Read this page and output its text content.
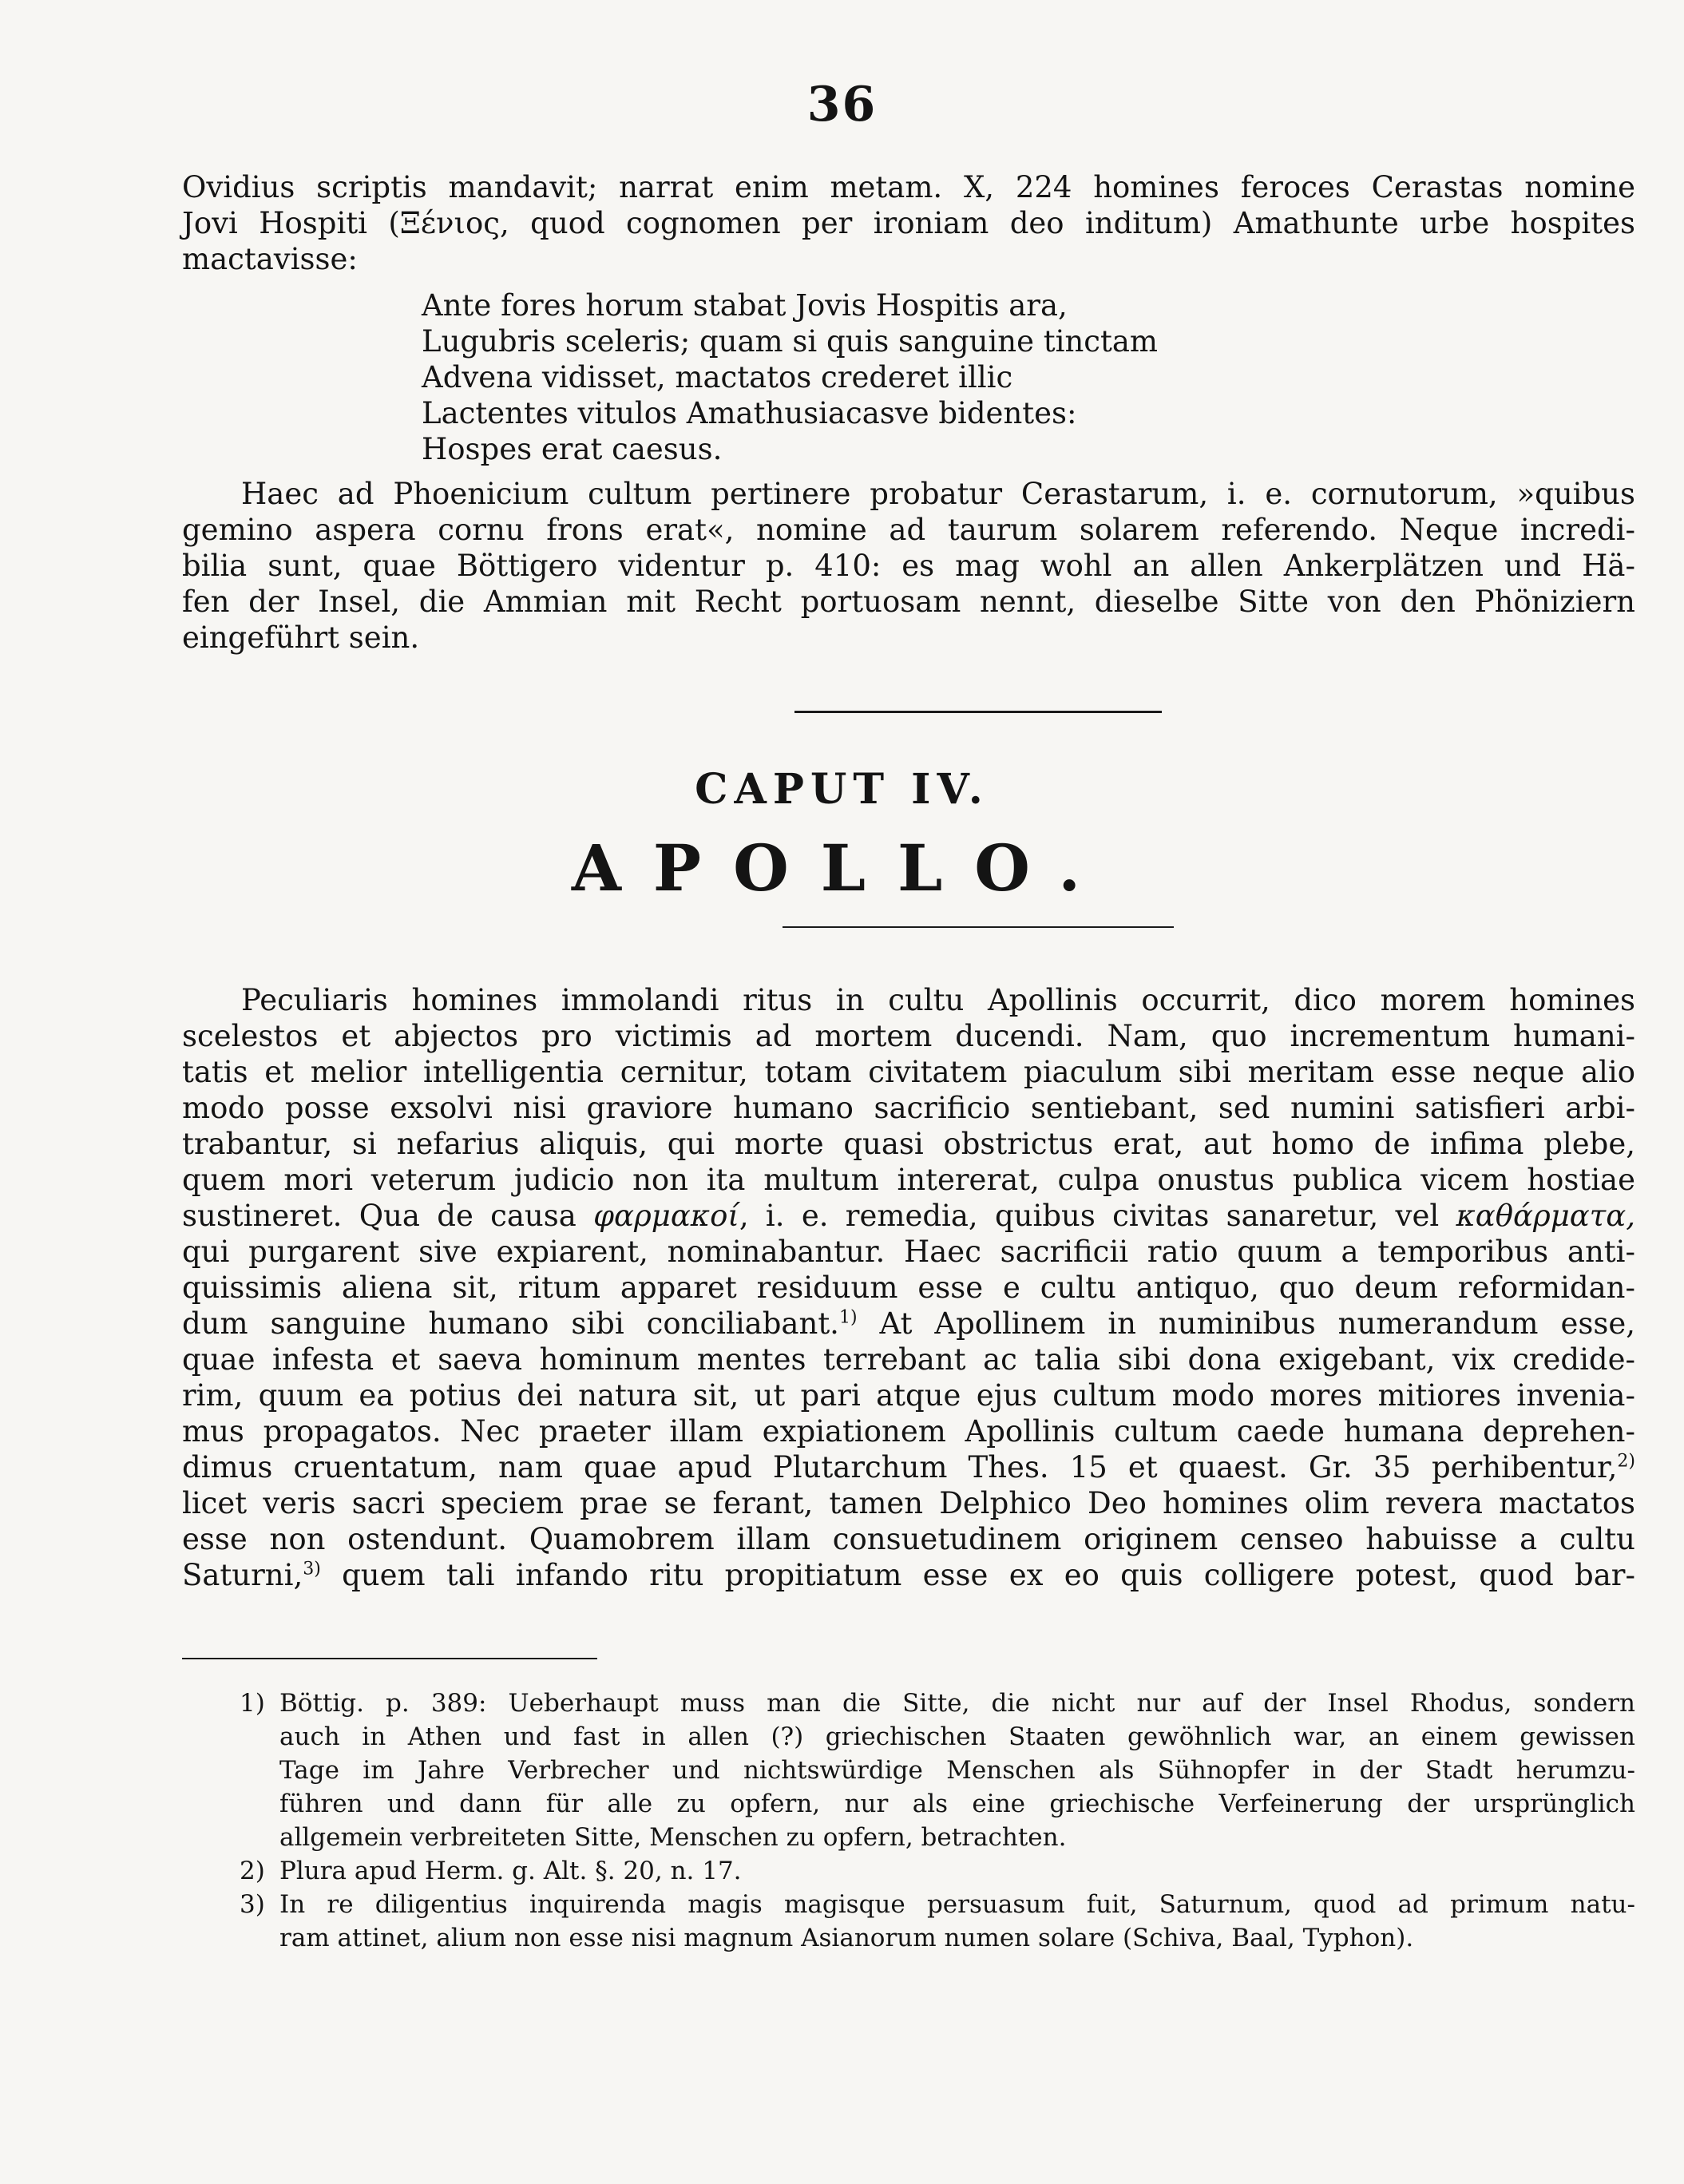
36
Ovidius scriptis mandavit; narrat enim metam. X, 224 homines feroces Cerastas nomine
Jovi Hospiti (Ξένιος, quod cognomen per ironiam deo inditum) Amathunte urbe hospites
mactavisse:
Ante fores horum stabat Jovis Hospitis ara,
Lugubris sceleris; quam si quis sanguine tinctam
Advena vidisset, mactatos crederet illic
Lactentes vitulos Amathusiacasve bidentes:
Hospes erat caesus.
Haec ad Phoenicium cultum pertinere probatur Cerastarum, i. e. cornutorum, »quibus
gemino aspera cornu frons erat«, nomine ad taurum solarem referendo. Neque incredi-
bilia sunt, quae Böttigero videntur p. 410: es mag wohl an allen Ankerplätzen und Hä-
fen der Insel, die Ammian mit Recht portuosam nennt, dieselbe Sitte von den Phöniziern
eingeführt sein.
CAPUT IV.
APOLLO.
Peculiaris homines immolandi ritus in cultu Apollinis occurrit, dico morem homines
scelestos et abjectos pro victimis ad mortem ducendi. Nam, quo incrementum humani-
tatis et melior intelligentia cernitur, totam civitatem piaculum sibi meritam esse neque alio
modo posse exsolvi nisi graviore humano sacrificio sentiebant, sed numini satisfieri arbi-
trabantur, si nefarius aliquis, qui morte quasi obstrictus erat, aut homo de infima plebe,
quem mori veterum judicio non ita multum intererat, culpa onustus publica vicem hostiae
sustineret. Qua de causa φαρμακοί, i. e. remedia, quibus civitas sanaretur, vel καθάρματα,
qui purgarent sive expiarent, nominabantur. Haec sacrificii ratio quum a temporibus anti-
quissimis aliena sit, ritum apparet residuum esse e cultu antiquo, quo deum reformidan-
dum sanguine humano sibi conciliabant.$^{1)}$ At Apollinem in numinibus numerandum esse,
quae infesta et saeva hominum mentes terrebant ac talia sibi dona exigebant, vix credide-
rim, quum ea potius dei natura sit, ut pari atque ejus cultum modo mores mitiores invenia-
mus propagatos. Nec praeter illam expiationem Apollinis cultum caede humana deprehen-
dimus cruentatum, nam quae apud Plutarchum Thes. 15 et quaest. Gr. 35 perhibentur,$^{2)}$
licet veris sacri speciem prae se ferant, tamen Delphico Deo homines olim revera mactatos
esse non ostendunt. Quamobrem illam consuetudinem originem censeo habuisse a cultu
Saturni,$^{3)}$ quem tali infando ritu propitiatum esse ex eo quis colligere potest, quod bar-
1) Böttig. p. 389: Ueberhaupt muss man die Sitte, die nicht nur auf der Insel Rhodus, sondern
auch in Athen und fast in allen (?) griechischen Staaten gewöhnlich war, an einem gewissen
Tage im Jahre Verbrecher und nichtswürdige Menschen als Sühnopfer in der Stadt herumzu-
führen und dann für alle zu opfern, nur als eine griechische Verfeinerung der ursprünglich
allgemein verbreiteten Sitte, Menschen zu opfern, betrachten.
2) Plura apud Herm. g. Alt. §. 20, n. 17.
3) In re diligentius inquirenda magis magisque persuasum fuit, Saturnum, quod ad primum natu-
ram attinet, alium non esse nisi magnum Asianorum numen solare (Schiva, Baal, Typhon).
